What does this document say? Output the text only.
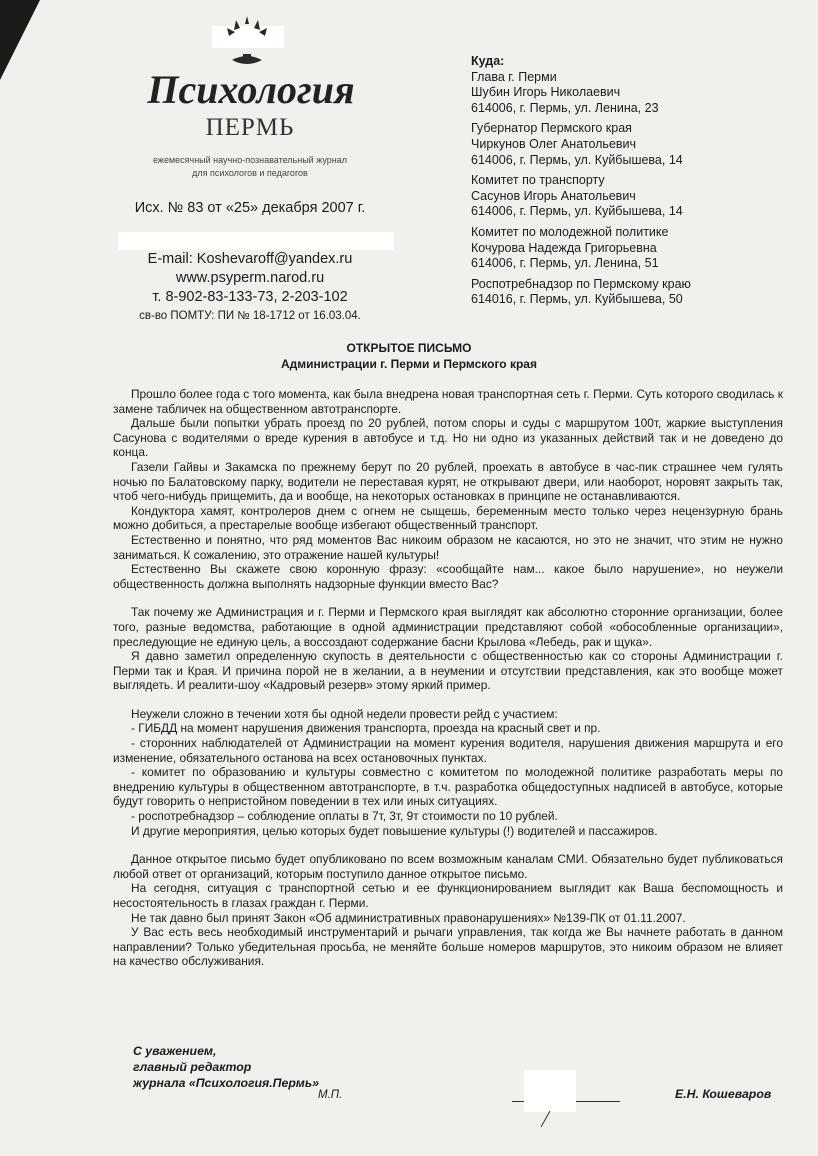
Психология
ПЕРМЬ
ежемесячный научно-познавательный журнал
для психологов и педагогов
Исх. № 83 от «25» декабря 2007 г.
E-mail: Koshevaroff@yandex.ru
www.psyperm.narod.ru
т. 8-902-83-133-73, 2-203-102
св-во ПОМТУ: ПИ № 18-1712 от 16.03.04.
Куда:
Глава г. Перми
Шубин Игорь Николаевич
614006, г. Пермь, ул. Ленина, 23
Губернатор Пермского края
Чиркунов Олег Анатольевич
614006, г. Пермь, ул. Куйбышева, 14
Комитет по транспорту
Сасунов Игорь Анатольевич
614006, г. Пермь, ул. Куйбышева, 14
Комитет по молодежной политике
Кочурова Надежда Григорьевна
614006, г. Пермь, ул. Ленина, 51
Роспотребнадзор по Пермскому краю
614016, г. Пермь, ул. Куйбышева, 50
ОТКРЫТОЕ ПИСЬМО
Администрации г. Перми и Пермского края

Прошло более года с того момента, как была внедрена новая транспортная сеть г. Перми. Суть которого сводилась к замене табличек на общественном автотранспорте.

Дальше были попытки убрать проезд по 20 рублей, потом споры и суды с маршрутом 100т, жаркие выступления Сасунова с водителями о вреде курения в автобусе и т.д. Но ни одно из указанных действий так и не доведено до конца.

Газели Гайвы и Закамска по прежнему берут по 20 рублей, проехать в автобусе в час-пик страшнее чем гулять ночью по Балатовскому парку, водители не переставая курят, не открывают двери, или наоборот, норовят закрыть так, чтоб чего-нибудь прищемить, да и вообще, на некоторых остановках в принципе не останавливаются.

Кондуктора хамят, контролеров днем с огнем не сыщешь, беременным место только через нецензурную брань можно добиться, а престарелые вообще избегают общественный транспорт.

Естественно и понятно, что ряд моментов Вас никоим образом не касаются, но это не значит, что этим не нужно заниматься. К сожалению, это отражение нашей культуры!

Естественно Вы скажете свою коронную фразу: «сообщайте нам... какое было нарушение», но неужели общественность должна выполнять надзорные функции вместо Вас?

Так почему же Администрация и г. Перми и Пермского края выглядят как абсолютно сторонние организации, более того, разные ведомства, работающие в одной администрации представляют собой «обособленные организации», преследующие не единую цель, а воссоздают содержание басни Крылова «Лебедь, рак и щука».

Я давно заметил определенную скупость в деятельности с общественностью как со стороны Администрации г. Перми так и Края. И причина порой не в желании, а в неумении и отсутствии представления, как это вообще может выглядеть. И реалити-шоу «Кадровый резерв» этому яркий пример.

Неужели сложно в течении хотя бы одной недели провести рейд с участием:

- ГИБДД на момент нарушения движения транспорта, проезда на красный свет и пр.

- сторонних наблюдателей от Администрации на момент курения водителя, нарушения движения маршрута и его изменение, обязательного останова на всех остановочных пунктах.

- комитет по образованию и культуры совместно с комитетом по молодежной политике разработать меры по внедрению культуры в общественном автотранспорте, в т.ч. разработка общедоступных надписей в автобусе, которые будут говорить о непристойном поведении в тех или иных ситуациях.

- роспотребнадзор – соблюдение оплаты в 7т, 3т, 9т стоимости по 10 рублей.

И другие мероприятия, целью которых будет повышение культуры (!) водителей и пассажиров.

Данное открытое письмо будет опубликовано по всем возможным каналам СМИ. Обязательно будет публиковаться любой ответ от организаций, которым поступило данное открытое письмо.

На сегодня, ситуация с транспортной сетью и ее функционированием выглядит как Ваша беспомощность и несостоятельность в глазах граждан г. Перми.

Не так давно был принят Закон «Об административных правонарушениях» №139-ПК от 01.11.2007.

У Вас есть весь необходимый инструментарий и рычаги управления, так когда же Вы начнете работать в данном направлении? Только убедительная просьба, не меняйте больше номеров маршрутов, это никоим образом не влияет на качество обслуживания.

С уважением,
главный редактор
журнала «Психология.Пермь»
М.П.	Е.Н. Кошеваров
